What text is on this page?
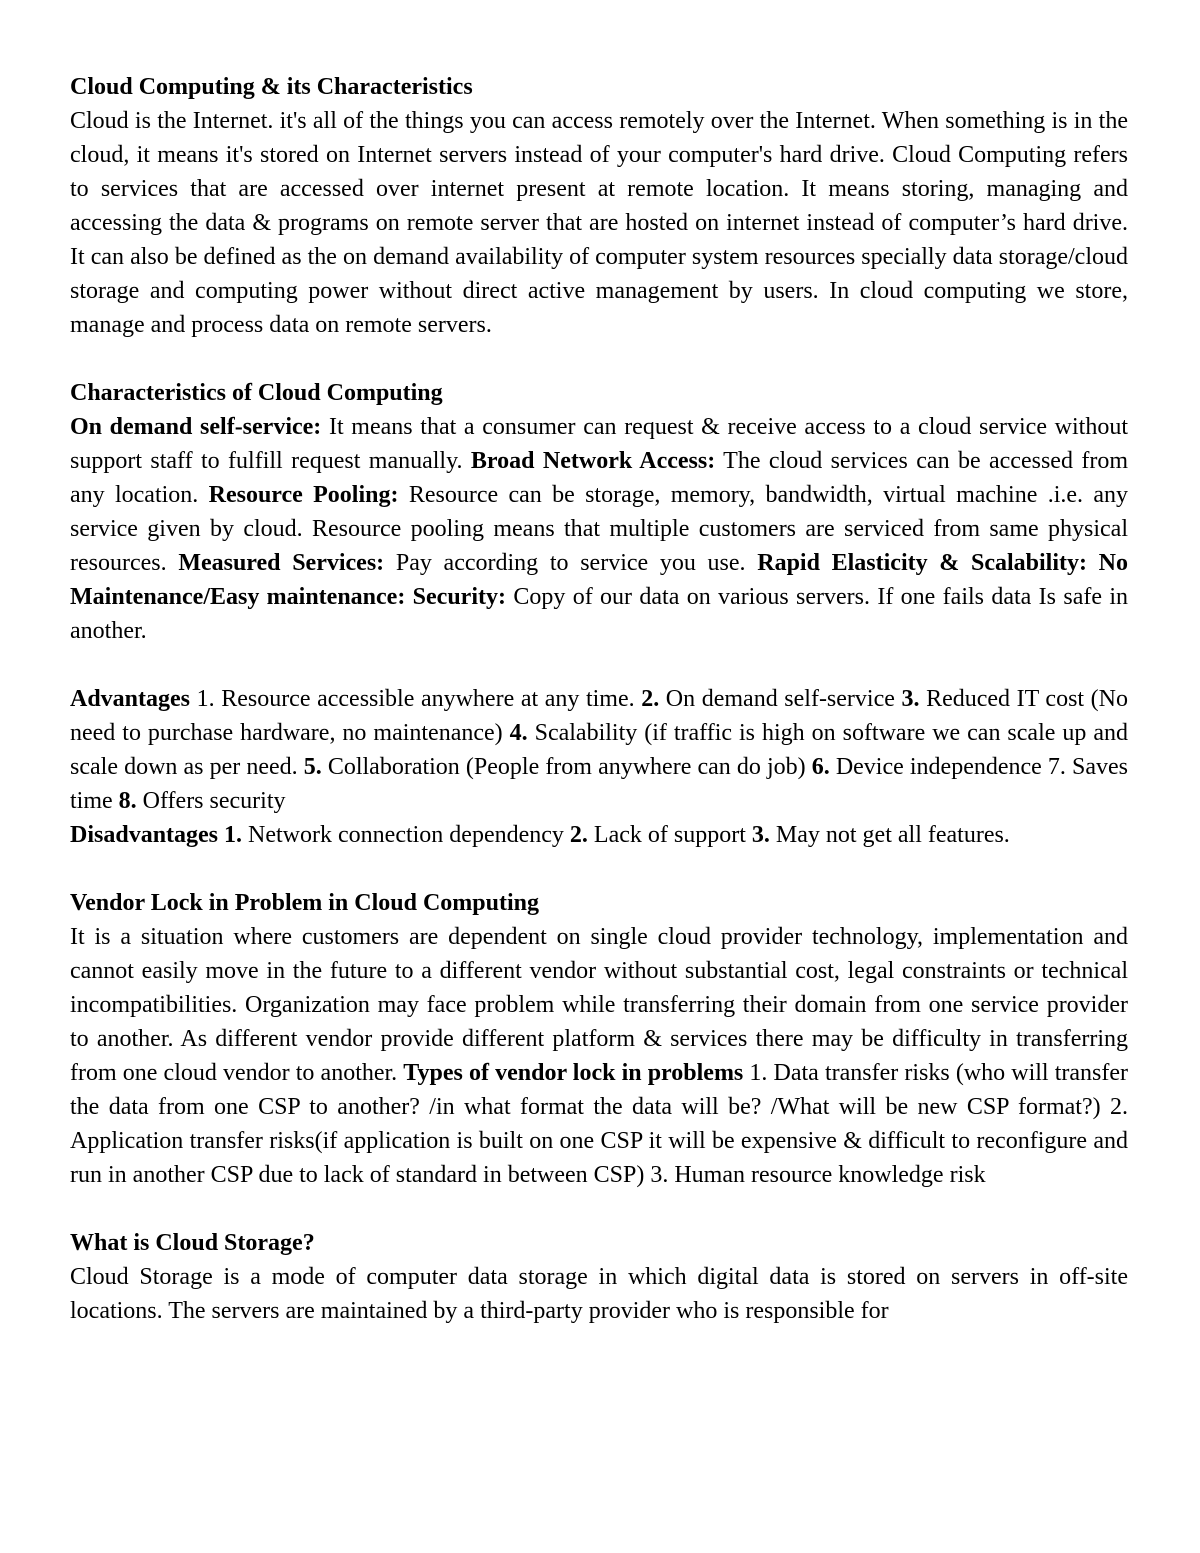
Cloud Computing & its Characteristics

Cloud is the Internet. it's all of the things you can access remotely over the Internet. When something is in the cloud, it means it's stored on Internet servers instead of your computer's hard drive. Cloud Computing refers to services that are accessed over internet present at remote location. It means storing, managing and accessing the data & programs on remote server that are hosted on internet instead of computer’s hard drive. It can also be defined as the on demand availability of computer system resources specially data storage/cloud storage and computing power without direct active management by users. In cloud computing we store, manage and process data on remote servers.

Characteristics of Cloud Computing

On demand self-service: It means that a consumer can request & receive access to a cloud service without support staff to fulfill request manually. Broad Network Access: The cloud services can be accessed from any location. Resource Pooling: Resource can be storage, memory, bandwidth, virtual machine .i.e. any service given by cloud. Resource pooling means that multiple customers are serviced from same physical resources. Measured Services: Pay according to service you use. Rapid Elasticity & Scalability: No Maintenance/Easy maintenance: Security: Copy of our data on various servers. If one fails data Is safe in another.

Advantages 1. Resource accessible anywhere at any time. 2. On demand self-service 3. Reduced IT cost (No need to purchase hardware, no maintenance) 4. Scalability (if traffic is high on software we can scale up and scale down as per need. 5. Collaboration (People from anywhere can do job) 6. Device independence 7. Saves time 8. Offers security

Disadvantages 1. Network connection dependency 2. Lack of support 3. May not get all features.

Vendor Lock in Problem in Cloud Computing

It is a situation where customers are dependent on single cloud provider technology, implementation and cannot easily move in the future to a different vendor without substantial cost, legal constraints or technical incompatibilities. Organization may face problem while transferring their domain from one service provider to another. As different vendor provide different platform & services there may be difficulty in transferring from one cloud vendor to another. Types of vendor lock in problems 1. Data transfer risks (who will transfer the data from one CSP to another? /in what format the data will be? /What will be new CSP format?) 2. Application transfer risks(if application is built on one CSP it will be expensive & difficult to reconfigure and run in another CSP due to lack of standard in between CSP) 3. Human resource knowledge risk

What is Cloud Storage?

Cloud Storage is a mode of computer data storage in which digital data is stored on servers in off-site locations. The servers are maintained by a third-party provider who is responsible for
